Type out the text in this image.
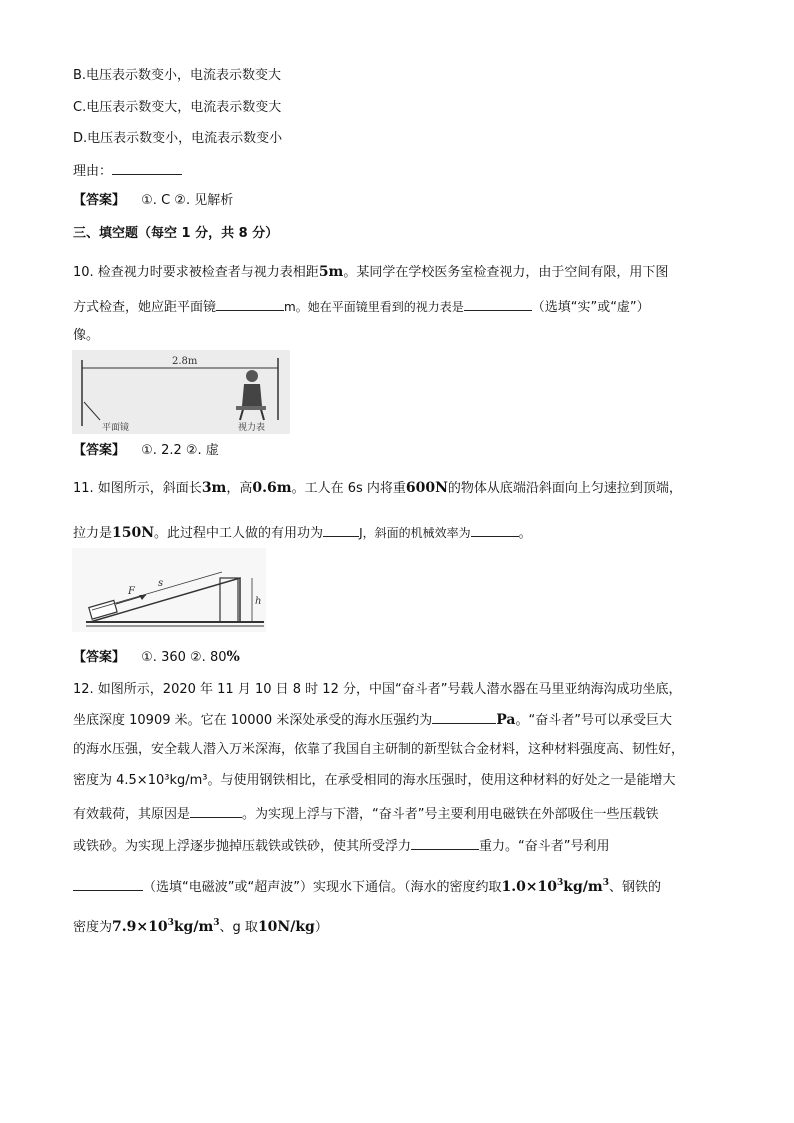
B.电压表示数变小，电流表示数变大
C.电压表示数变大，电流表示数变大
D.电压表示数变小，电流表示数变小
理由：
【答案】 ①. C ②. 见解析
三、填空题（每空 1 分，共 8 分）
10. 检查视力时要求被检查者与视力表相距5m。某同学在学校医务室检查视力，由于空间有限，用下图
方式检查，她应距平面镜	m。她在平面镜里看到的视力表是	（选填“实”或“虚”）
像。
2.8m
平面镜	视力表
【答案】 ①. 2.2 ②. 虚
11. 如图所示，斜面长3m，高0.6m。工人在 6s 内将重600N的物体从底端沿斜面向上匀速拉到顶端，
拉力是150N。此过程中工人做的有用功为	J，斜面的机械效率为	。
F
s
h
【答案】 ①. 360 ②. 80%
12. 如图所示，2020 年 11 月 10 日 8 时 12 分，中国“奋斗者”号载人潜水器在马里亚纳海沟成功坐底，
坐底深度 10909 米。它在 10000 米深处承受的海水压强约为	Pa。“奋斗者”号可以承受巨大
的海水压强，安全载人潜入万米深海，依靠了我国自主研制的新型钛合金材料，这种材料强度高、韧性好，
密度为 4.5×10³kg/m³。与使用钢铁相比，在承受相同的海水压强时，使用这种材料的好处之一是能增大
有效载荷，其原因是	。为实现上浮与下潜，“奋斗者”号主要利用电磁铁在外部吸住一些压载铁
或铁砂。为实现上浮逐步抛掉压载铁或铁砂，使其所受浮力	重力。“奋斗者”号利用
（选填“电磁波”或“超声波”）实现水下通信。（海水的密度约取$1.0\times 10^3kg/m^3$、钢铁的
密度为$7.9\times 10^3kg/m^3$、g 取10N/kg）
